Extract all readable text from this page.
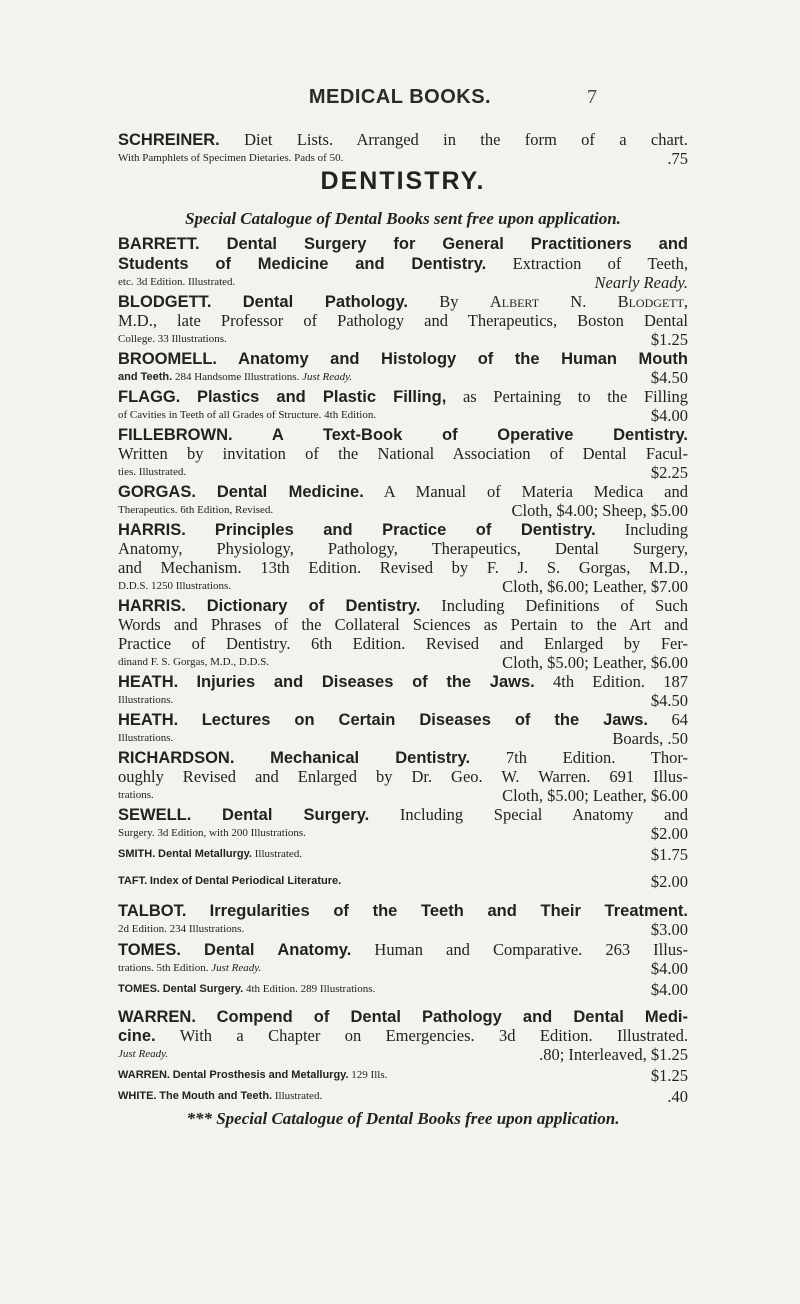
MEDICAL BOOKS.	7
SCHREINER. Diet Lists. Arranged in the form of a chart.
With Pamphlets of Specimen Dietaries. Pads of 50.	.75
DENTISTRY.
Special Catalogue of Dental Books sent free upon application.
BARRETT. Dental Surgery for General Practitioners and
Students of Medicine and Dentistry. Extraction of Teeth,
etc. 3d Edition. Illustrated.	Nearly Ready.
BLODGETT. Dental Pathology. By Albert N. Blodgett,
M.D., late Professor of Pathology and Therapeutics, Boston Dental
College. 33 Illustrations.	$1.25
BROOMELL. Anatomy and Histology of the Human Mouth
and Teeth. 284 Handsome Illustrations. Just Ready.	$4.50
FLAGG. Plastics and Plastic Filling, as Pertaining to the Filling
of Cavities in Teeth of all Grades of Structure. 4th Edition.	$4.00
FILLEBROWN. A Text-Book of Operative Dentistry.
Written by invitation of the National Association of Dental Facul-
ties. Illustrated.	$2.25
GORGAS. Dental Medicine. A Manual of Materia Medica and
Therapeutics. 6th Edition, Revised.	Cloth, $4.00; Sheep, $5.00
HARRIS. Principles and Practice of Dentistry. Including
Anatomy, Physiology, Pathology, Therapeutics, Dental Surgery,
and Mechanism. 13th Edition. Revised by F. J. S. Gorgas, M.D.,
D.D.S. 1250 Illustrations.	Cloth, $6.00; Leather, $7.00
HARRIS. Dictionary of Dentistry. Including Definitions of Such
Words and Phrases of the Collateral Sciences as Pertain to the Art and
Practice of Dentistry. 6th Edition. Revised and Enlarged by Fer-
dinand F. S. Gorgas, M.D., D.D.S.	Cloth, $5.00; Leather, $6.00
HEATH. Injuries and Diseases of the Jaws. 4th Edition. 187
Illustrations.	$4.50
HEATH. Lectures on Certain Diseases of the Jaws. 64
Illustrations.	Boards, .50
RICHARDSON. Mechanical Dentistry. 7th Edition. Thor-
oughly Revised and Enlarged by Dr. Geo. W. Warren. 691 Illus-
trations.	Cloth, $5.00; Leather, $6.00
SEWELL. Dental Surgery. Including Special Anatomy and
Surgery. 3d Edition, with 200 Illustrations.	$2.00
SMITH. Dental Metallurgy. Illustrated.	$1.75
TAFT. Index of Dental Periodical Literature.	$2.00
TALBOT. Irregularities of the Teeth and Their Treatment.
2d Edition. 234 Illustrations.	$3.00
TOMES. Dental Anatomy. Human and Comparative. 263 Illus-
trations. 5th Edition. Just Ready.	$4.00
TOMES. Dental Surgery. 4th Edition. 289 Illustrations.	$4.00
WARREN. Compend of Dental Pathology and Dental Medi-
cine. With a Chapter on Emergencies. 3d Edition. Illustrated.
Just Ready.	.80; Interleaved, $1.25
WARREN. Dental Prosthesis and Metallurgy. 129 Ills.	$1.25
WHITE. The Mouth and Teeth. Illustrated.	.40
*** Special Catalogue of Dental Books free upon application.
